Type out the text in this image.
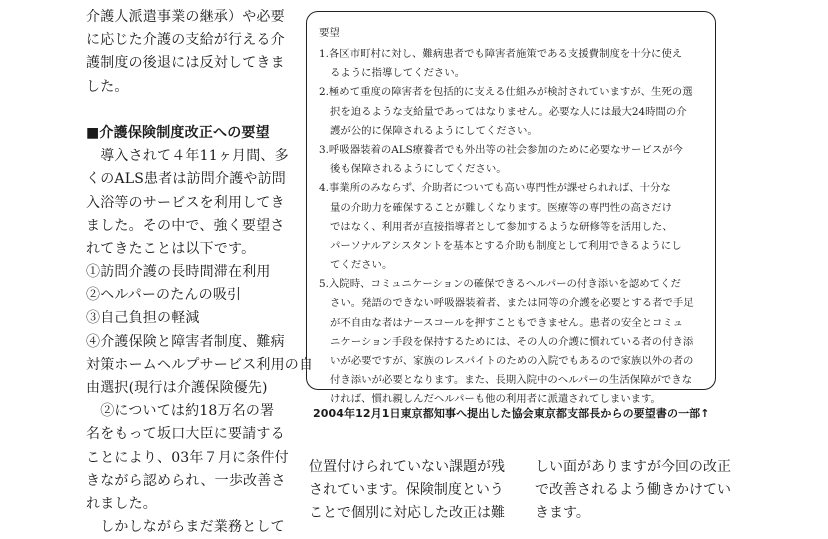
介護人派遣事業の継承）や必要
に応じた介護の支給が行える介
護制度の後退には反対してきま
した。
■介護保険制度改正への要望
　導入されて４年11ヶ月間、多
くのALS患者は訪問介護や訪問
入浴等のサービスを利用してき
ました。その中で、強く要望さ
れてきたことは以下です。
①訪問介護の長時間滞在利用
②ヘルパーのたんの吸引
③自己負担の軽減
④介護保険と障害者制度、難病
対策ホームヘルプサービス利用の自
由選択(現行は介護保険優先)
　②については約18万名の署
名をもって坂口大臣に要請する
ことにより、03年７月に条件付
きながら認められ、一歩改善さ
れました。
　しかしながらまだ業務として
要望
1.各区市町村に対し、難病患者でも障害者施策である支援費制度を十分に使え
るように指導してください。
2.極めて重度の障害者を包括的に支える仕組みが検討されていますが、生死の選
択を迫るような支給量であってはなりません。必要な人には最大24時間の介
護が公的に保障されるようにしてください。
3.呼吸器装着のALS療養者でも外出等の社会参加のために必要なサービスが今
後も保障されるようにしてください。
4.事業所のみならず、介助者についても高い専門性が課せられれば、十分な
量の介助力を確保することが難しくなります。医療等の専門性の高さだけ
ではなく、利用者が直接指導者として参加するような研修等を活用した、
パーソナルアシスタントを基本とする介助も制度として利用できるようにし
てください。
5.入院時、コミュニケーションの確保できるヘルパーの付き添いを認めてくだ
さい。発語のできない呼吸器装着者、または同等の介護を必要とする者で手足
が不自由な者はナースコールを押すこともできません。患者の安全とコミュ
ニケーション手段を保持するためには、その人の介護に慣れている者の付き添
いが必要ですが、家族のレスパイトのための入院でもあるので家族以外の者の
付き添いが必要となります。また、長期入院中のヘルパーの生活保障ができな
ければ、慣れ親しんだヘルパーも他の利用者に派遣されてしまいます。
2004年12月1日東京都知事へ提出した協会東京都支部長からの要望書の一部↑
位置付けられていない課題が残
されています。保険制度という
ことで個別に対応した改正は難
しい面がありますが今回の改正
で改善されるよう働きかけてい
きます。
